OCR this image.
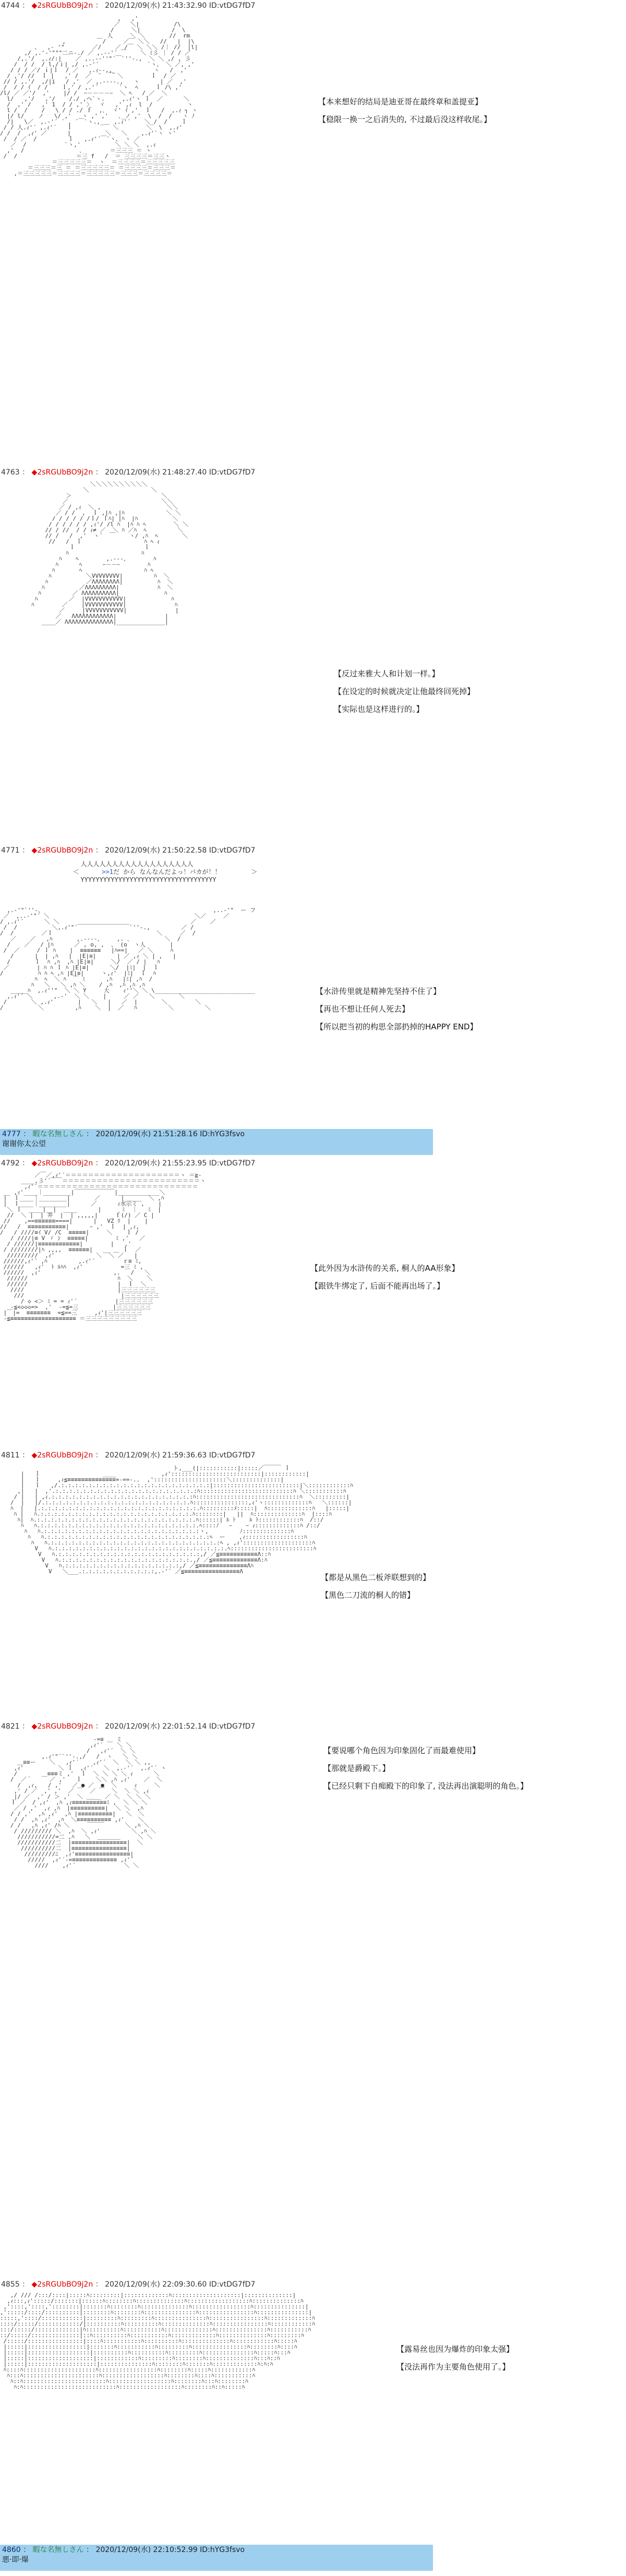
4744 ： ◆2sRGUbBO9j2n ： 2020/12/09(水) 21:43:32.90 ID:vtDG7fD7
,   ,'
／   ＼|          /\
/     ＼|         /  \
人     ＼ ＼       //  rm
,         ￣/     ／￣ ＼＼   //   |  |\
、  ,- '"        ／/    ／ /￣ ＼ ＼＼ /｜ //  |l|
,/ ,.'-'"""二ニ-./ ／ ,.-‐'´ ￣    ＼ ﾐ彡 ｜ / / ／
/,.'/  ,.ｨ/:|    ／ ,..-‐''"´￣`''-.,  ＼ ＼ ,/ , 彡
/  / /  / l,/ｉ| ,/ ,.-'´              `ヽ、 ＼ ／, ,'
/ / / ／/ ｉ|ｌ  / ／   ,.ｨ--,,_           ヽ   /  ,'
/ ,'/ //  ｌ |   ,' /  ／  ̄   ￣ ＼        ｌ  / ／
// / ,.'/  ,/|i   / ,'  ／ ,.-‐--.,   ヽ      | ／  ,'
/  / / ｲ  / /    ｌ,' / ,.'´      `ヽ  ﾍ     ｌ /\ ,'
/l/ ／ ／'/  ,'    |/ /  ｰ－－－－ｰ  ＼ ﾍ   / ／  ＼
l/   ,'/   ,'/    /./ ,ヘ`ヽ.     ,.ｨ'ヽ ｌ  ／      ＼
/  ,' /   ,' 1  / / ,' 〉  ヾ   ,' ,ｨ  l  /          ヽ
l /  /    /   \ / / ./ ｆ  ,､  ヾ' ｲ ,'  ｌ   /  ,.ｨ ┐ ヽ
|/ l/    ノ   \/ ,'   ヽ ,' ,'   ､_ノ ,'  \  /  /   ヽ ﾉ
/|   \／  ,.-'´ ´ , ´￣`ヽ.,_   ,.ｨ'´    ＼_/  /    ｌ
/ / 人.ｨ'´ ,.ｨ'´   ｌ         ￣ ＼        ＼  \  ,.ｨ'
/ /  /  ,ｨ' ／      |          ＼   ＼    ,.ｨ'`ヽ ヽ'
/  / ／  /         ｌ   ,.ｨ'´￣`ヽ、 ヽ ／
／  /           `ヽ,'          ＼ ＼ ＼  ,.ｨ
,'  /                ､        ＝三三三 ＝ ヽ
/  /                 ＝三 f   /  ＝ 三三三三＝三三ヽ
＝三三三三三＝  ヽ  ＝三三三三＝三三三三三
＝三三三＝三 ＝ ＝三三三三三＝ ＝三三三三＝三三三＝
,＝三三三三三＝三三三三＝三三三三三＝三三三＝三三三三＝
【本来想好的结局是迪亚哥在最终章和盖提亚】
【稳限一换一之后消失的, 不过最后没这样收尾。】
4763 ： ◆2sRGUbBO9j2n ： 2020/12/09(水) 21:48:27.40 ID:vtDG7fD7
＼＼＼＼＼＼＼＼＼＼
＼                  ＼
＞                          ＼
／                           ＼＼
／ / ,ｨ  ＼ ,                   ＼＼
／ / /  ,  ｌ ,|ﾊ ,|ﾊ            ＼ ＼
/ / / / / /ｌ/ ｌﾊ| |ﾊ  |ﾊ          ＼
/ / / / / / ,ｨ'/ /l ﾊ  |ﾊ ﾊ ﾍ        ＼ ＼
// / //  / / ｨ≠ ／  ＼ ﾊ ／ﾊ  ﾍ         ＼
// /   /  ,'  ヽ´  ￣    ヽ/ ,ﾊ  ﾍ       ＼
//   /  ｌ                  ﾊ ﾍ ｨ
ｌ                    ｌ
ﾊ                     ﾊ
ﾊ    ﾍ        ,.-‐-、       ﾊ
ﾊ      ﾍ      ｰ－－ｰ        ﾊ
ﾊ       ﾍ                  ﾊ ﾍ
ﾊ          ＼VVVVVVVV|         ﾊ  ＼
ﾊ           ／ΛΛΛΛΛΛΛΛ|          ﾊ  ＼
ﾊ          ／ΛΛΛΛΛΛΛΛΛ|           ﾊ  ＼
ﾊ         ／ ΛΛΛΛΛΛΛΛΛΛ|             ﾊ
ﾊ         ／  |VVVVVVVVVVV|             ﾊ
ﾊ        ／    |VVVVVVVVVVV|              ﾊ
／     |VVVVVVVVVVV|              |
／   ΛΛΛΛΛΛΛΛΛΛΛΛ|              |
____／ ΛΛΛΛΛΛΛΛΛΛΛΛΛΛ|______________|
【反过来雅大人和计划一样。】
【在设定的时候就决定让他最终回死掉】
【实际也是这样进行的。】
4771 ： ◆2sRGUbBO9j2n ： 2020/12/09(水) 21:50:22.58 ID:vtDG7fD7
人人人人人人人人人人人人人人人人人人
＜	>>1だ から なんなんだよっ！バカが！！	＞
YYYYYYYYYYYYYYYYYYYYYYYYYYYYYYYYYYYY
,.-'"`''-、                                                 ,..-'"  ー フ
／  ,..-'"´ ＼                                          ＼／     ／
/ ,.ｨ'´      ＼ ＼                                      ／    ／
/  /          ＼,.ｨ'"´￣￣￣￣￣￣￣￣￣`''-.,         ／ /
/  /        ／ｌ                              ＼     ／  /
／    ／   ,ﾊ       ,.-‐‐-、    ,. ､          ＼  /
/    ／   / |ﾊ      ／ , o, ,  、 (o  ヽ人       |
/  ／     / ｌ ﾊ    |  ≡≡≡≡≡≡   |ﾊ==|   ／ ＼     ﾊ
/      |  | ,ﾊ   |  |E|≡|      | ／ ,ｨ ＼ | ,   |
/       ｌ  ﾊ ,ﾊ  ,ﾊ |E|≡|     ＼/  ／ / |   ﾊ
／        | ﾊ ﾊ ｌ ﾊ |E|≡|      ＼/  |ﾐ|  |  ｌ
/          ﾊ ﾊ ﾍ ,ﾊ |E|≡|     ヽ,ｨ'  |ﾐ|  ｌ  ﾊ
ﾊ  ﾍ  ＼ ﾊ  ￣ ﾐ      ,ﾊ   |ﾐ| ,ﾊ  /
ﾊ   ＼   ＼ ,ﾊ ＼    / ,ﾊ  ,ﾊ ,ﾊ ,ﾊ
_____ﾊ  ,.ｨ''"  ＼ ＼ Y     大    ｨ''＼ ＼ \_____________________________
,.ｨ'´ ＼      ,.-'  ＼ ＼    |     ／ ／   ＼       ＼
/       ＼ ,.ｨ'       |   ＼   |   ／  |       ＼        ＼
/          ＼         ,ﾊ    ＼  |  ／   ﾊ         ＼         ＼
【水浒传里就是精神先坚持不住了】
【再也不想让任何人死去】
【所以把当初的构思全部扔掉的HAPPY END】
4777 ： 暇な名無しさん ： 2020/12/09(水) 21:51:28.16 ID:hYG3fsvo
谢谢你太公望
4792 ： ◆2sRGUbBO9j2n ： 2020/12/09(水) 21:55:23.95 ID:vtDG7fD7
／￣／,ｨ'´＝＝＝＝＝＝＝＝＝＝＝＝＝＝＝＝＝＝＝＝ヽ ＝≧-
____,彡'´￣￣＝＝＝＝＝＝＝＝＝＝＝＝＝＝＝＝＝＝＝＝＝＝＝＝ヽ
,ｨ'´＝＝＝＝＝＝＝＝＝＝＝＝＝＝＝＝＝＝＝＝＝＝＝＝＝＝＝＝
__ ,ｨ'____｜________|￣￣￣￣￣￣￣|____________＼
|  ｌ____｜________|       ／      |_____  ＼ ,ﾊ
|  ｌ____｜________|      ／      ｨ水示ミ ,    |
＼ ｌ  ____|__|  ____      |      ﾐ  ｜   ﾐ  |
//  ＼ |  | 井  |  | ,,,,,|     ｆ(/) ／ C |
//    ,==≡≡≡≡≡≡====|      |   VZ ﾘ  |    |
//   /  ≡≡≡≡≡≡≡≡≡≡≡|      ｰ ,'  ｌ  | ,ｨ,
/   / ////≡ｲ V/ /C  ≡≡≡≡≡|     ＼    ｌ /
/ ////|≡ V ゞ ｼ  ≡≡≡≡≡|        ﾐ ,'   ／
/ //////|≡≡≡≡≡≡≡≡≡≡≡≡|        |   ,'
/ ////////|ﾊ ,,,,  ≡≡≡≡≡≡|   __ ＿ ｌ  ／
/////////  ,ｨ'            ＼  ＼ ／   |
//////,ｨ'´ ,ﾊ         ,.ｨ'´        ｒ≡ ﾐ,
//////   ,ｨ'  ﾄ ﾙﾊﾊ  ,ｨ'           =三 ﾐ ,
//////  ,ｨ'                     ,.   /   ＼
//////                          ﾊ  ＼    ＼
//////                          |  ｌ  ＼
////                           |三三三三三三
///                            |三三三三三三
/ ◇ <＞ ﾐ = = ｨ'´           |三三三三三三
-≦<◇◇◇=>  ,'  -=≦=三          |三三三三三三
|￣|=  ≡≡≡≡≡≡≡  =≦==三     ,ｨ'|三三三三三三
-≦≡≡≡≡≡≡≡≡≡≡≡≡≡≡≡≡≡≡≡ ＝三三三三三三三三三
【此外因为水浒传的关系, 桐人的AA形象】
【跟铁牛绑定了, 后面不能再出场了。】
4811 ： ◆2sRGUbBO9j2n ： 2020/12/09(水) 21:59:36.63 ID:vtDG7fD7
ト,___(|:::::::::::|:::::／￣￣￣ ｌ
|   ｌ                  ____             ,ｨ'::::::::::::::::::::::::::|::::::::::::|
|   ｌ     ,ｨ≦≡≡≡≡≡≡≡≡≡≡≡≡≡≡=-==-..  ,':::::::::::::::::::::＼::::::::::::::|
|   ｌ   ,/.:.:.:.:.:.:.:.:.:.:.:.:.:.:.:.:.:.:.:.:.:.:|:::::::::::::::::::::::::|＼::::::::::::ﾊ
,|   |  ,'.:.:.:.:.:.:.:.:.:.:.:.:.:.:.:.:.:.:.:.:.:ﾊ:::::::::::::::::::::::::::ﾊ ＼:::::::::::ﾊ
/ |   | ,ｨ.:.:.:.:.:.:.:.:.:.:.:.:.:.:.:.:.:.:.:.:.:ﾊ::::::::::::::::::::::::::::::ﾊ  ＼:::::::::|
/  |   |/.:.:.:.:.:.:.:.:.:.:.:.:.:.:.:.:.:.:.:.:.:.ﾊ::::::::::::::::,ｨ'ヽ:::::::::::::ﾊ   ＼::::::|
ﾊ  |   |.:.:.:.:.:.:.:.:.:.:.:.:.:.:.:.:.:.:.:.:.:.:.:.ﾊ:::::::::ﾒ:::::|  ﾊ:::::::::::::ﾊ   |:::::|
ﾊ |   ﾊ.:.:.:.:.:.:.:.:.:.:.:.:.:.:.:.:.:.:.:.:.:.:.ﾊ::::::::|   ||  ﾊ::::::::::::::ﾊ  |::::ﾊ
ﾊ|  ﾊ.:.:.:.:.:.:.:.:.:.:.:.:.:.:.:.:.:.:.:.:.:.:.:.ﾊ::::::| ﾙ ﾄ    ﾙ ﾄ::::::::::::ﾊ  /::/
ﾊ   ﾊ.:.:.:.:.:.:.:.:.:.:.:.:.:.:.:.:.:.:.:.:.:.:.:.ﾍ::::ﾉ   ｰ    ｰ ｨ:::::::::::::ﾊ /::/
ﾊ   ﾊ.:.:.:.:.:.:.:.:.:.:.:.:.:.:.:.:.:.:.:.:.:.:.:ヽ,         ﾉ::::::::::::::ﾊ
ﾊ   ﾊ.:.:.:.:.:.:.:.:.:.:.:.:.:.:.:.:.:.:.:.:.:.:.:.:ﾍ  ー    ,ｨ:::::::::::::::::ﾊ
ﾊ   ﾊ.:.:.:.:.:.:.:.:.:.:.:.:.:.:.:.:.:.:.:.:.:.:.:.:.:ﾍ , ,ｨ'::::::::::::::::::::ﾊ
V   ﾊ.:.:.:.:.:.:.:.:.:.:.:.:.:.:.:.:.:.:.:.:.:.:.:.:.:.ﾍ::::::::::::::::::::::::ﾊ
V   ﾊ.:.:.:.:.:.:.:.:.:.:.:.:.:.:.:.:.:.:.:.:.:,/ ／≦≡≡≡≡≡≡≡≡≡≡≡Λ::ﾊ
V   ﾊ.:.:.:.:.:.:.:.:.:.:.:.:.:.:.:.:.:.:.:.,/ ／≦≡≡≡≡≡≡≡≡≡≡≡≡≡Λ:ﾊ
V   ﾊ.:.:.:.:.:.:.:.:.:.:.:.:.:.:.:.:.:,/ ／≦≡≡≡≡≡≡≡≡≡≡≡≡≡≡Λﾊ
V   ＼___.:.:.:.:.:.:.:.:.:.:.:,.-'´ ／≦≡≡≡≡≡≡≡≡≡≡≡≡≡≡≡≡Λ
【都是从黑色二板斧联想到的】
【黑色二刀流的桐人的错】
4821 ： ◆2sRGUbBO9j2n ： 2020/12/09(水) 22:01:52.14 ID:vtDG7fD7
-=≡ ＿ ミ
,ｨ'´    ＼ ＼
/   ,ｨ'´  ＼ ＼
,.ｨ'"´`''-.,/   /  ヽ   ＼ ＼
＿≡≡ー    ＼   ,ｨ'´    ,ｨ'´  ＼  ＼ ＼ ,,
,ｨ'          ＼ ｌ  ,ｨ'´   ＼  ,.-'´  ,.ｨ'´ ヽ
/       ＿≡≡≡ミ ,'  ｌ  ＼ ＼ ＼ ＼ ｨ      ＼
/  ／｀     ／ ,'   ｌ    ＼＼ ,ﾊ ,ｨ'    ／  ＼
/  ,ｨ,   / ,'   ／ ● ／  ●  ＼     ｨ     ＼
,' / ／  ,' ,'  ／ ￣  ／ ￣  ＼  ＼ ＼ ,ｨ
|/ ／  ,' / ＞ ,'  ＼ ＿＿_ ／ ＼  ＼ ＼ ＼
ｌ ／  / ,ｨ'  ,ﾊ ,ｨ≡≡≡≡≡≡≡≡≡≡ﾐ ,  ＼ ＼ ＼
／ / ,'  ,ｨ ,ﾊ  |≡≡≡≡≡≡≡≡≡≡|  ＼ ＼  ,ﾊ
/ / ,'  ,ﾊ ,ｨ'  ,ﾊ |≡≡≡≡≡≡≡≡≡≡|   ＼  ＼
/ /  ,ﾊ ,ｨ'  ,ﾊ  ＼≡≡≡≡≡≡≡≡≡≡ ,ｨ'    ＼
/ /   ,ﾊ ,ｨ' /ﾊ ＼     ￣￣￣      ＼ ,ﾊ ＼
/ ///////// ＼  ,ﾊ  ＼ ,ｨ'         ＼ ,ﾊ ＼
///////////=二 ,ﾊ   ＼  ＿＿＿＿     ＼ ＼
///////////二  |≡≡≡≡≡≡≡≡≡≡≡≡≡≡≡≡|  ＼
//////////二  |≡≡≡≡≡≡≡≡≡≡≡≡≡≡≡≡|
/////////ﾆ  ,ｨ'≡≡≡≡≡≡≡≡≡≡≡≡≡≡≡≡|
/////  ,ｨ'´-=≡≡≡≡≡≡≡≡≡≡≡≡≡ ,ｨ'´
////    ,ｨ'´              ＼ ＼
【要说哪个角色因为印象固化了而最难使用】
【那就是爵殿下。】
【已经只剩下自痴殿下的印象了, 没法再出演聪明的角色。】
4855 ： ◆2sRGUbBO9j2n ： 2020/12/09(水) 22:09:30.60 ID:vtDG7fD7
,/ /// /:::/::::|:::::ﾊ:::::::::|:::::::::::::ﾊ::::::::::::::::::::|::::::::::::::|
,ｨ:::,ｨ':::::/:::::::|::::::ﾊ::::::::ﾊ::::::::::::::ﾊ::::::::::::::::::ﾊ::::::::::::::ﾊ
,'::::,'::::,'::::::::|:::::::ﾊ::::::::ﾊ::::::::::::::ﾊ:::::::::::::::::ﾊ:::::::::::::::|
,':::::/::::/::::::::::|::::::::ﾊ::::::::ﾊ:::::::::::::::ﾊ::::::::::::::::ﾊ:::::::::::::::|
:::::,'::::/::::::::::::|:::::::::ﾊ:::::::::ﾊ:::::::::::::::ﾊ::::::::::::::::ﾊ:::::::::::::ﾊ
::::/:::::/::::::::::::/|::::::::::ﾊ::::::::::ﾊ::::::::::::::ﾊ::::::::::::::::ﾊ::::::::::::ﾊ
:::/:::::/:::::::::::::|ﾊ::::::::::ﾊ:::::::::::ﾊ::::::::::::::ﾊ:::::::::::::::ﾊ:::::::::::ﾊ
::/:::::/::::::::::::::|::ﾊ::::::::::ﾊ:::::::::::ﾊ:::::::::::::ﾊ::::::::::::::ﾊ:::::::::ﾊ
/:::::/::::::::::::::::|::::ﾊ:::::::::::ﾊ::::::::::ﾊ::::::::::::::ﾊ::::::::::::ﾊ:::::ﾊ
|:::::|:::::::::::::::::|:::::::ﾊ:::::::::::ﾊ:::::::::ﾊ::::::::::::::::ﾊ::::::::ﾊ::::ﾊ
|:::::|::::::::::::::::::|::::::::::ﾊ::::::::::ﾊ:::::::::ﾊ:::::::::::::::ﾊ:::::ﾊ:::ﾊ
|:::::|:::::::::::::::::::|::::::::::::ﾊ:::::::::ﾊ::::::::ﾊ::::::::::::::ﾊ:::ﾊ::ﾊ
|:::::|::::::::::::::::::::|:::::::::::::::ﾊ::::::::ﾊ:::::::ﾊ:::::::::::::ﾊ:ﾊ:ﾊ
ﾊ::::ﾊ:::::::::::::::::::::ﾊ:::::::::::::::::ﾊ::::::::ﾊ:::::ﾊ::::::::::::ﾊ
ﾊ:::ﾊ::::::::::::::::::::::ﾊ::::::::::::::::::ﾊ::::::::ﾊ::::ﾊ:::::::::::ﾊ
ﾊ::ﾊ::::::::::::::::::::::::ﾊ::::::::::::::::::ﾊ::::::::ﾊ:::ﾊ::::::::ﾊ
ﾊ:ﾊ:::::::::::::::::::::::::::ﾊ::::::::::::::::::ﾊ::::::::ﾊ::ﾊ:::::ﾊ
【露易丝也因为爆炸的印象太强】
【没法再作为主要角色使用了。】
4860 ： 暇な名無しさん ： 2020/12/09(水) 22:10:52.99 ID:hYG3fsvo
悪·即·爆
